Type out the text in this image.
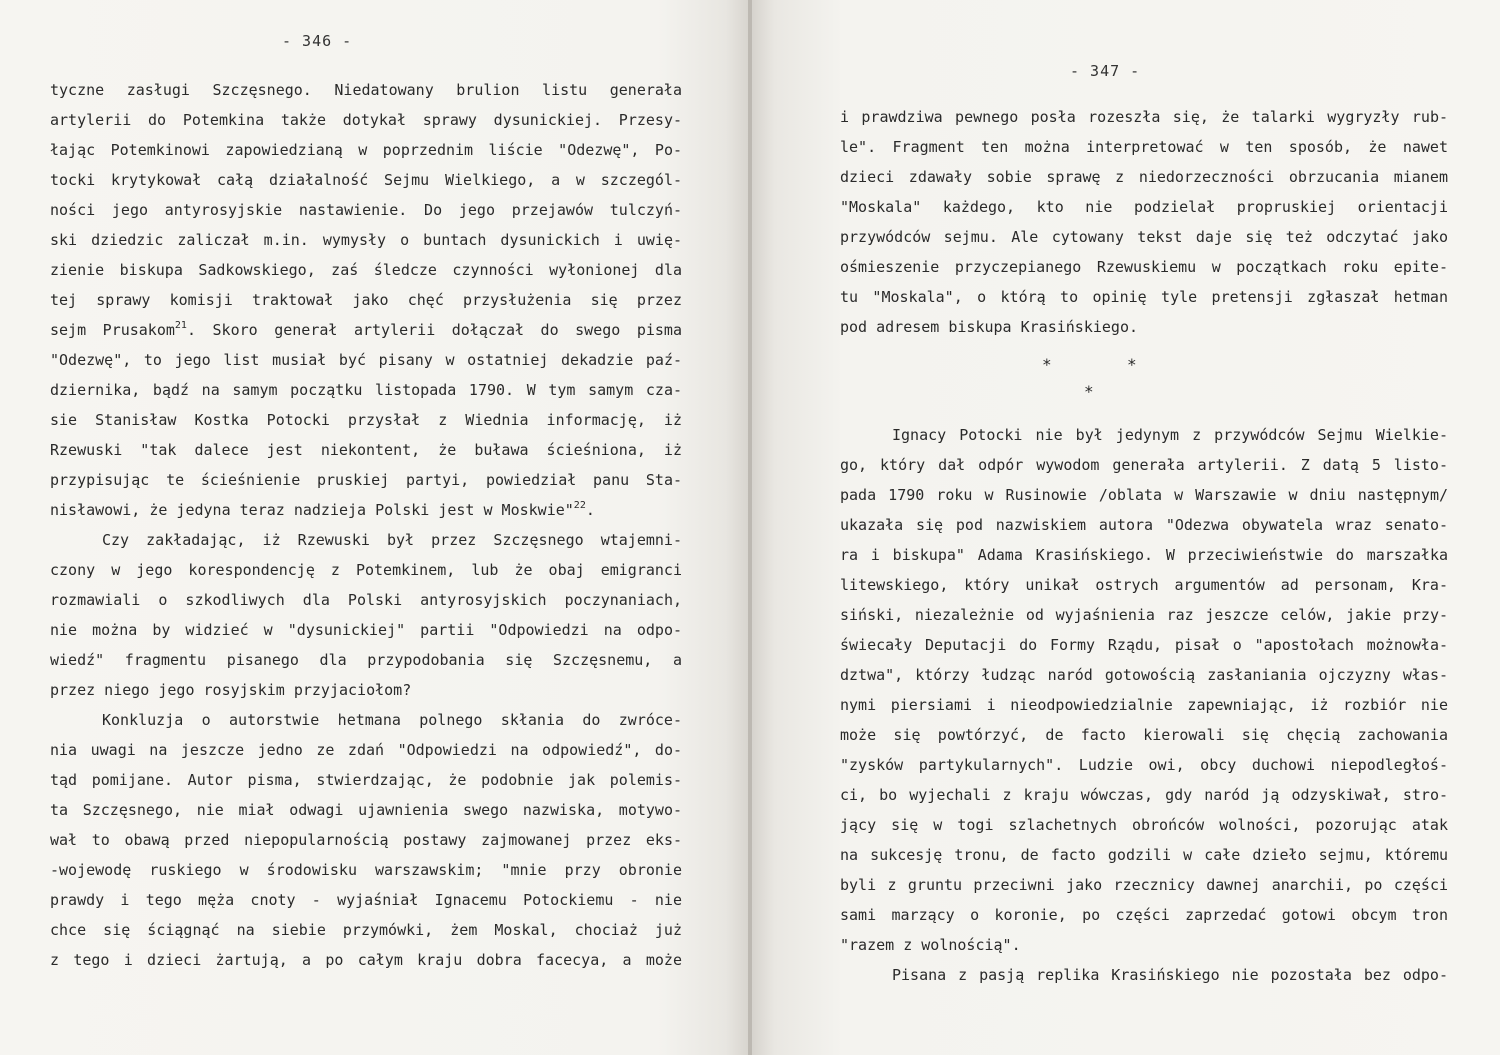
- 346 -
tyczne zasługi Szczęsnego. Niedatowany brulion listu generała
artylerii do Potemkina także dotykał sprawy dysunickiej. Przesy-
łając Potemkinowi zapowiedzianą w poprzednim liście "Odezwę", Po-
tocki krytykował całą działalność Sejmu Wielkiego, a w szczegól-
ności jego antyrosyjskie nastawienie. Do jego przejawów tulczyń-
ski dziedzic zaliczał m.in. wymysły o buntach dysunickich i uwię-
zienie biskupa Sadkowskiego, zaś śledcze czynności wyłonionej dla
tej sprawy komisji traktował jako chęć przysłużenia się przez
sejm Prusakom$^{21}$. Skoro generał artylerii dołączał do swego pisma
"Odezwę", to jego list musiał być pisany w ostatniej dekadzie paź-
dziernika, bądź na samym początku listopada 1790. W tym samym cza-
sie Stanisław Kostka Potocki przysłał z Wiednia informację, iż
Rzewuski "tak dalece jest niekontent, że buława ścieśniona, iż
przypisując te ścieśnienie pruskiej partyi, powiedział panu Sta-
nisławowi, że jedyna teraz nadzieja Polski jest w Moskwie"$^{22}$.
Czy zakładając, iż Rzewuski był przez Szczęsnego wtajemni-
czony w jego korespondencję z Potemkinem, lub że obaj emigranci
rozmawiali o szkodliwych dla Polski antyrosyjskich poczynaniach,
nie można by widzieć w "dysunickiej" partii "Odpowiedzi na odpo-
wiedź" fragmentu pisanego dla przypodobania się Szczęsnemu, a
przez niego jego rosyjskim przyjaciołom?
Konkluzja o autorstwie hetmana polnego skłania do zwróce-
nia uwagi na jeszcze jedno ze zdań "Odpowiedzi na odpowiedź", do-
tąd pomijane. Autor pisma, stwierdzając, że podobnie jak polemis-
ta Szczęsnego, nie miał odwagi ujawnienia swego nazwiska, motywo-
wał to obawą przed niepopularnością postawy zajmowanej przez eks-
-wojewodę ruskiego w środowisku warszawskim; "mnie przy obronie
prawdy i tego męża cnoty - wyjaśniał Ignacemu Potockiemu - nie
chce się ściągnąć na siebie przymówki, żem Moskal, chociaż już
z tego i dzieci żartują, a po całym kraju dobra facecya, a może
- 347 -
i prawdziwa pewnego posła rozeszła się, że talarki wygryzły rub-
le". Fragment ten można interpretować w ten sposób, że nawet
dzieci zdawały sobie sprawę z niedorzeczności obrzucania mianem
"Moskala" każdego, kto nie podzielał propruskiej orientacji
przywódców sejmu. Ale cytowany tekst daje się też odczytać jako
ośmieszenie przyczepianego Rzewuskiemu w początkach roku epite-
tu "Moskala", o którą to opinię tyle pretensji zgłaszał hetman
pod adresem biskupa Krasińskiego.
Ignacy Potocki nie był jedynym z przywódców Sejmu Wielkie-
go, który dał odpór wywodom generała artylerii. Z datą 5 listo-
pada 1790 roku w Rusinowie /oblata w Warszawie w dniu następnym/
ukazała się pod nazwiskiem autora "Odezwa obywatela wraz senato-
ra i biskupa" Adama Krasińskiego. W przeciwieństwie do marszałka
litewskiego, który unikał ostrych argumentów ad personam, Kra-
siński, niezależnie od wyjaśnienia raz jeszcze celów, jakie przy-
świecały Deputacji do Formy Rządu, pisał o "apostołach możnowła-
dztwa", którzy łudząc naród gotowością zasłaniania ojczyzny włas-
nymi piersiami i nieodpowiedzialnie zapewniając, iż rozbiór nie
może się powtórzyć, de facto kierowali się chęcią zachowania
"zysków partykularnych". Ludzie owi, obcy duchowi niepodległoś-
ci, bo wyjechali z kraju wówczas, gdy naród ją odzyskiwał, stro-
jący się w togi szlachetnych obrońców wolności, pozorując atak
na sukcesję tronu, de facto godzili w całe dzieło sejmu, któremu
byli z gruntu przeciwni jako rzecznicy dawnej anarchii, po części
sami marzący o koronie, po części zaprzedać gotowi obcym tron
"razem z wolnością".
Pisana z pasją replika Krasińskiego nie pozostała bez odpo-
*	*
*
